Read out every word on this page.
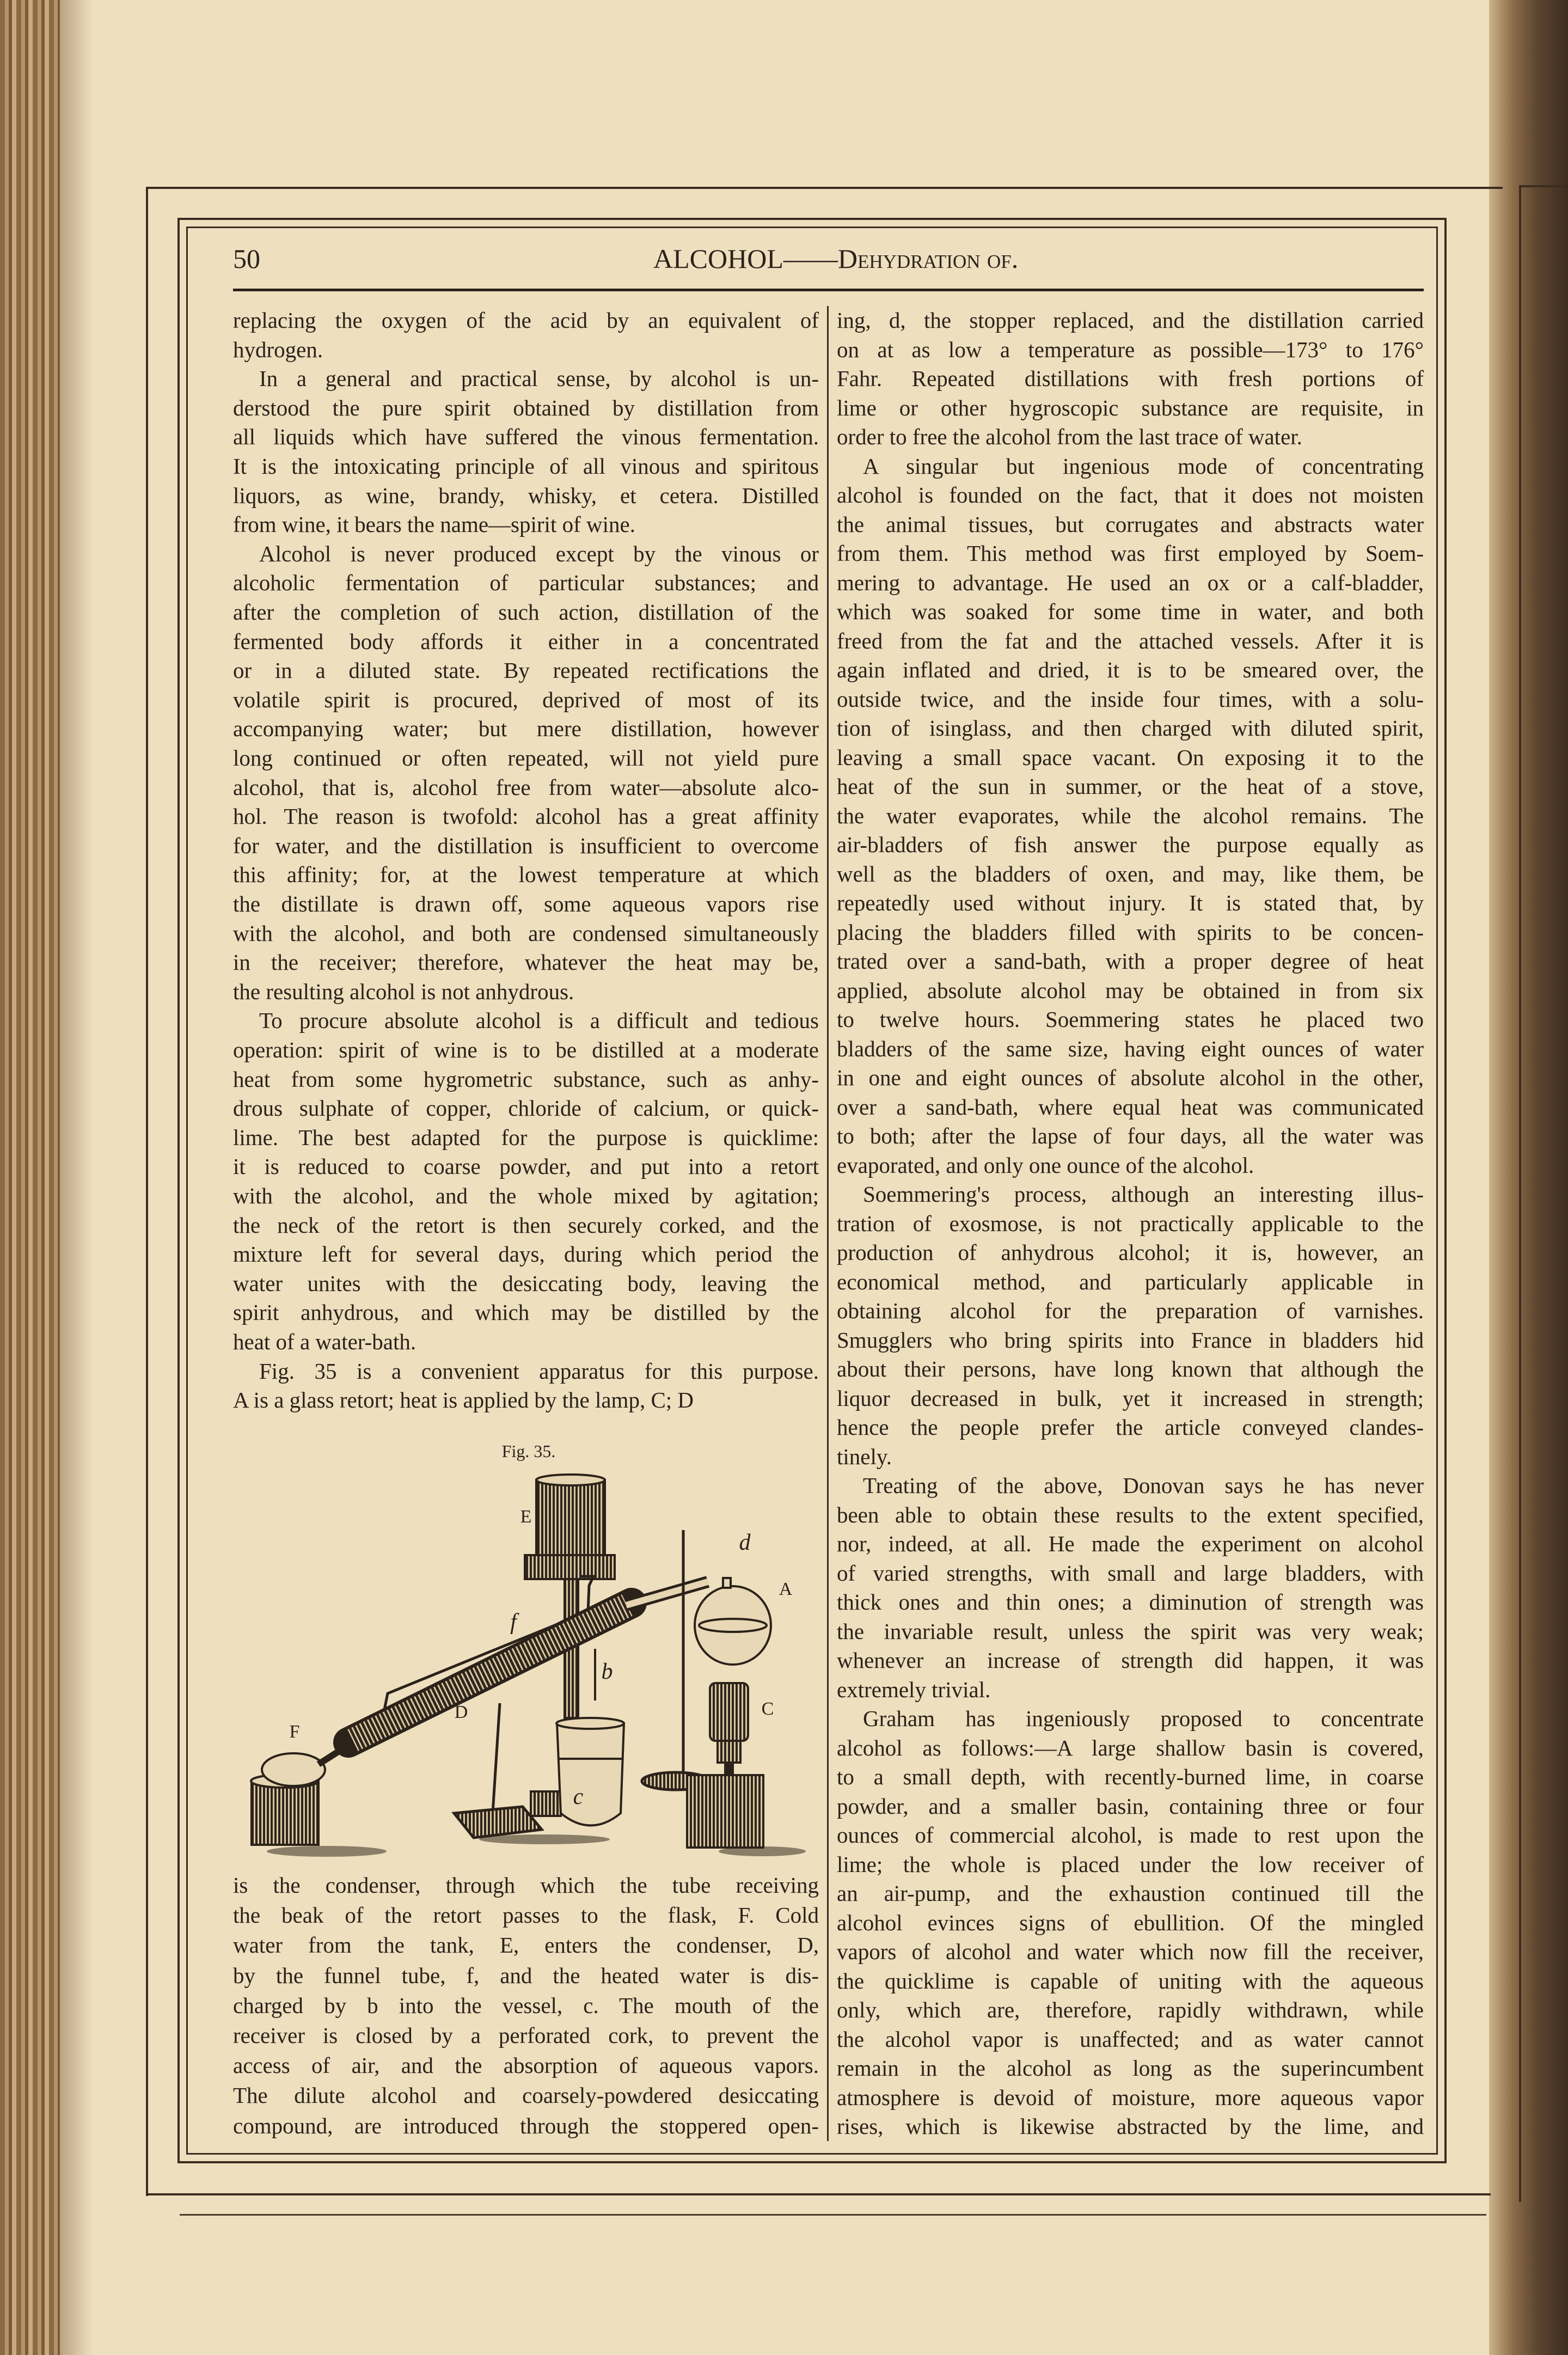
50	ALCOHOL——Dehydration of.
replacing the oxygen of the acid by an equivalent of
hydrogen.
In a general and practical sense, by alcohol is un-
derstood the pure spirit obtained by distillation from
all liquids which have suffered the vinous fermentation.
It is the intoxicating principle of all vinous and spiritous
liquors, as wine, brandy, whisky, et cetera. Distilled
from wine, it bears the name—spirit of wine.
Alcohol is never produced except by the vinous or
alcoholic fermentation of particular substances; and
after the completion of such action, distillation of the
fermented body affords it either in a concentrated
or in a diluted state. By repeated rectifications the
volatile spirit is procured, deprived of most of its
accompanying water; but mere distillation, however
long continued or often repeated, will not yield pure
alcohol, that is, alcohol free from water—absolute alco-
hol. The reason is twofold: alcohol has a great affinity
for water, and the distillation is insufficient to overcome
this affinity; for, at the lowest temperature at which
the distillate is drawn off, some aqueous vapors rise
with the alcohol, and both are condensed simultaneously
in the receiver; therefore, whatever the heat may be,
the resulting alcohol is not anhydrous.
To procure absolute alcohol is a difficult and tedious
operation: spirit of wine is to be distilled at a moderate
heat from some hygrometric substance, such as anhy-
drous sulphate of copper, chloride of calcium, or quick-
lime. The best adapted for the purpose is quicklime:
it is reduced to coarse powder, and put into a retort
with the alcohol, and the whole mixed by agitation;
the neck of the retort is then securely corked, and the
mixture left for several days, during which period the
water unites with the desiccating body, leaving the
spirit anhydrous, and which may be distilled by the
heat of a water-bath.
Fig. 35 is a convenient apparatus for this purpose.
A is a glass retort; heat is applied by the lamp, C; D
is the condenser, through which the tube receiving
the beak of the retort passes to the flask, F. Cold
water from the tank, E, enters the condenser, D,
by the funnel tube, f, and the heated water is dis-
charged by b into the vessel, c. The mouth of the
receiver is closed by a perforated cork, to prevent the
access of air, and the absorption of aqueous vapors.
The dilute alcohol and coarsely-powdered desiccating
compound, are introduced through the stoppered open-
ing, d, the stopper replaced, and the distillation carried
on at as low a temperature as possible—173° to 176°
Fahr. Repeated distillations with fresh portions of
lime or other hygroscopic substance are requisite, in
order to free the alcohol from the last trace of water.
A singular but ingenious mode of concentrating
alcohol is founded on the fact, that it does not moisten
the animal tissues, but corrugates and abstracts water
from them. This method was first employed by Soem-
mering to advantage. He used an ox or a calf-bladder,
which was soaked for some time in water, and both
freed from the fat and the attached vessels. After it is
again inflated and dried, it is to be smeared over, the
outside twice, and the inside four times, with a solu-
tion of isinglass, and then charged with diluted spirit,
leaving a small space vacant. On exposing it to the
heat of the sun in summer, or the heat of a stove,
the water evaporates, while the alcohol remains. The
air-bladders of fish answer the purpose equally as
well as the bladders of oxen, and may, like them, be
repeatedly used without injury. It is stated that, by
placing the bladders filled with spirits to be concen-
trated over a sand-bath, with a proper degree of heat
applied, absolute alcohol may be obtained in from six
to twelve hours. Soemmering states he placed two
bladders of the same size, having eight ounces of water
in one and eight ounces of absolute alcohol in the other,
over a sand-bath, where equal heat was communicated
to both; after the lapse of four days, all the water was
evaporated, and only one ounce of the alcohol.
Soemmering's process, although an interesting illus-
tration of exosmose, is not practically applicable to the
production of anhydrous alcohol; it is, however, an
economical method, and particularly applicable in
obtaining alcohol for the preparation of varnishes.
Smugglers who bring spirits into France in bladders hid
about their persons, have long known that although the
liquor decreased in bulk, yet it increased in strength;
hence the people prefer the article conveyed clandes-
tinely.
Treating of the above, Donovan says he has never
been able to obtain these results to the extent specified,
nor, indeed, at all. He made the experiment on alcohol
of varied strengths, with small and large bladders, with
thick ones and thin ones; a diminution of strength was
the invariable result, unless the spirit was very weak;
whenever an increase of strength did happen, it was
extremely trivial.
Graham has ingeniously proposed to concentrate
alcohol as follows:—A large shallow basin is covered,
to a small depth, with recently-burned lime, in coarse
powder, and a smaller basin, containing three or four
ounces of commercial alcohol, is made to rest upon the
lime; the whole is placed under the low receiver of
an air-pump, and the exhaustion continued till the
alcohol evinces signs of ebullition. Of the mingled
vapors of alcohol and water which now fill the receiver,
the quicklime is capable of uniting with the aqueous
only, which are, therefore, rapidly withdrawn, while
the alcohol vapor is unaffected; and as water cannot
remain in the alcohol as long as the superincumbent
atmosphere is devoid of moisture, more aqueous vapor
rises, which is likewise abstracted by the lime, and
Fig. 35.
E
d
A
f
b
C
D
F
c
